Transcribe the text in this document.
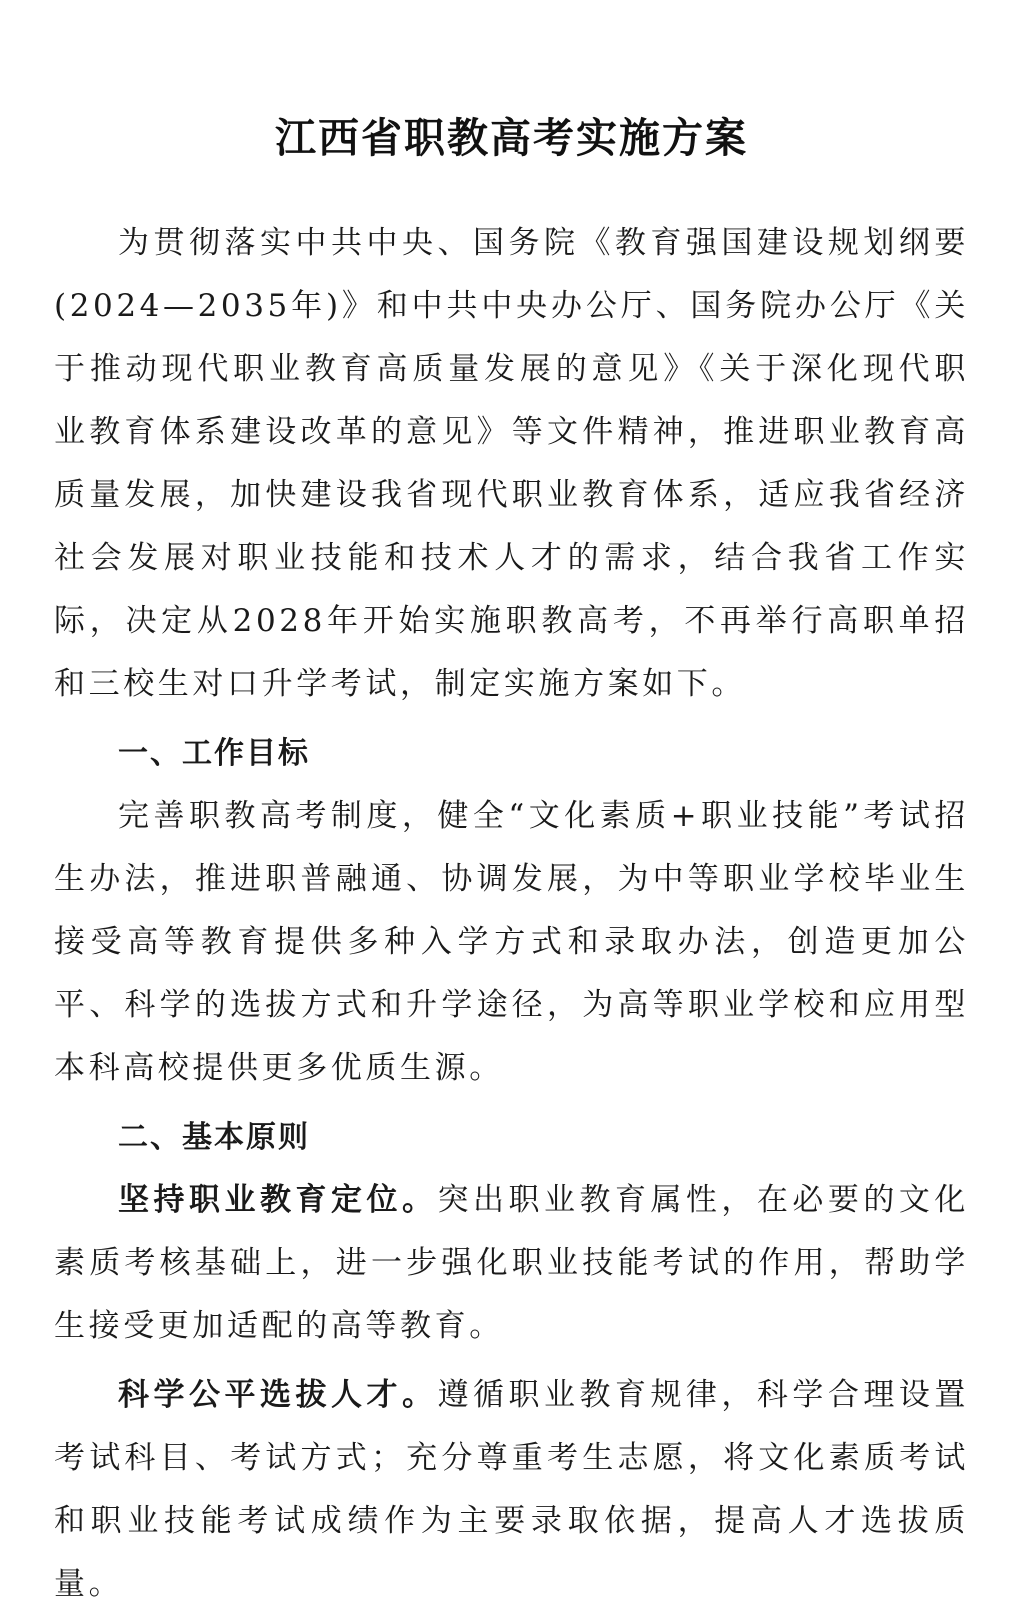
江西省职教高考实施方案

为贯彻落实中共中央、国务院《教育强国建设规划纲要(2024—2035年)》和中共中央办公厅、国务院办公厅《关于推动现代职业教育高质量发展的意见》《关于深化现代职业教育体系建设改革的意见》等文件精神，推进职业教育高质量发展，加快建设我省现代职业教育体系，适应我省经济社会发展对职业技能和技术人才的需求，结合我省工作实际，决定从2028年开始实施职教高考，不再举行高职单招和三校生对口升学考试，制定实施方案如下。

一、工作目标

完善职教高考制度，健全“文化素质+职业技能”考试招生办法，推进职普融通、协调发展，为中等职业学校毕业生接受高等教育提供多种入学方式和录取办法，创造更加公平、科学的选拔方式和升学途径，为高等职业学校和应用型本科高校提供更多优质生源。

二、基本原则

坚持职业教育定位。突出职业教育属性，在必要的文化素质考核基础上，进一步强化职业技能考试的作用，帮助学生接受更加适配的高等教育。

科学公平选拔人才。遵循职业教育规律，科学合理设置考试科目、考试方式；充分尊重考生志愿，将文化素质考试和职业技能考试成绩作为主要录取依据，提高人才选拔质量。
